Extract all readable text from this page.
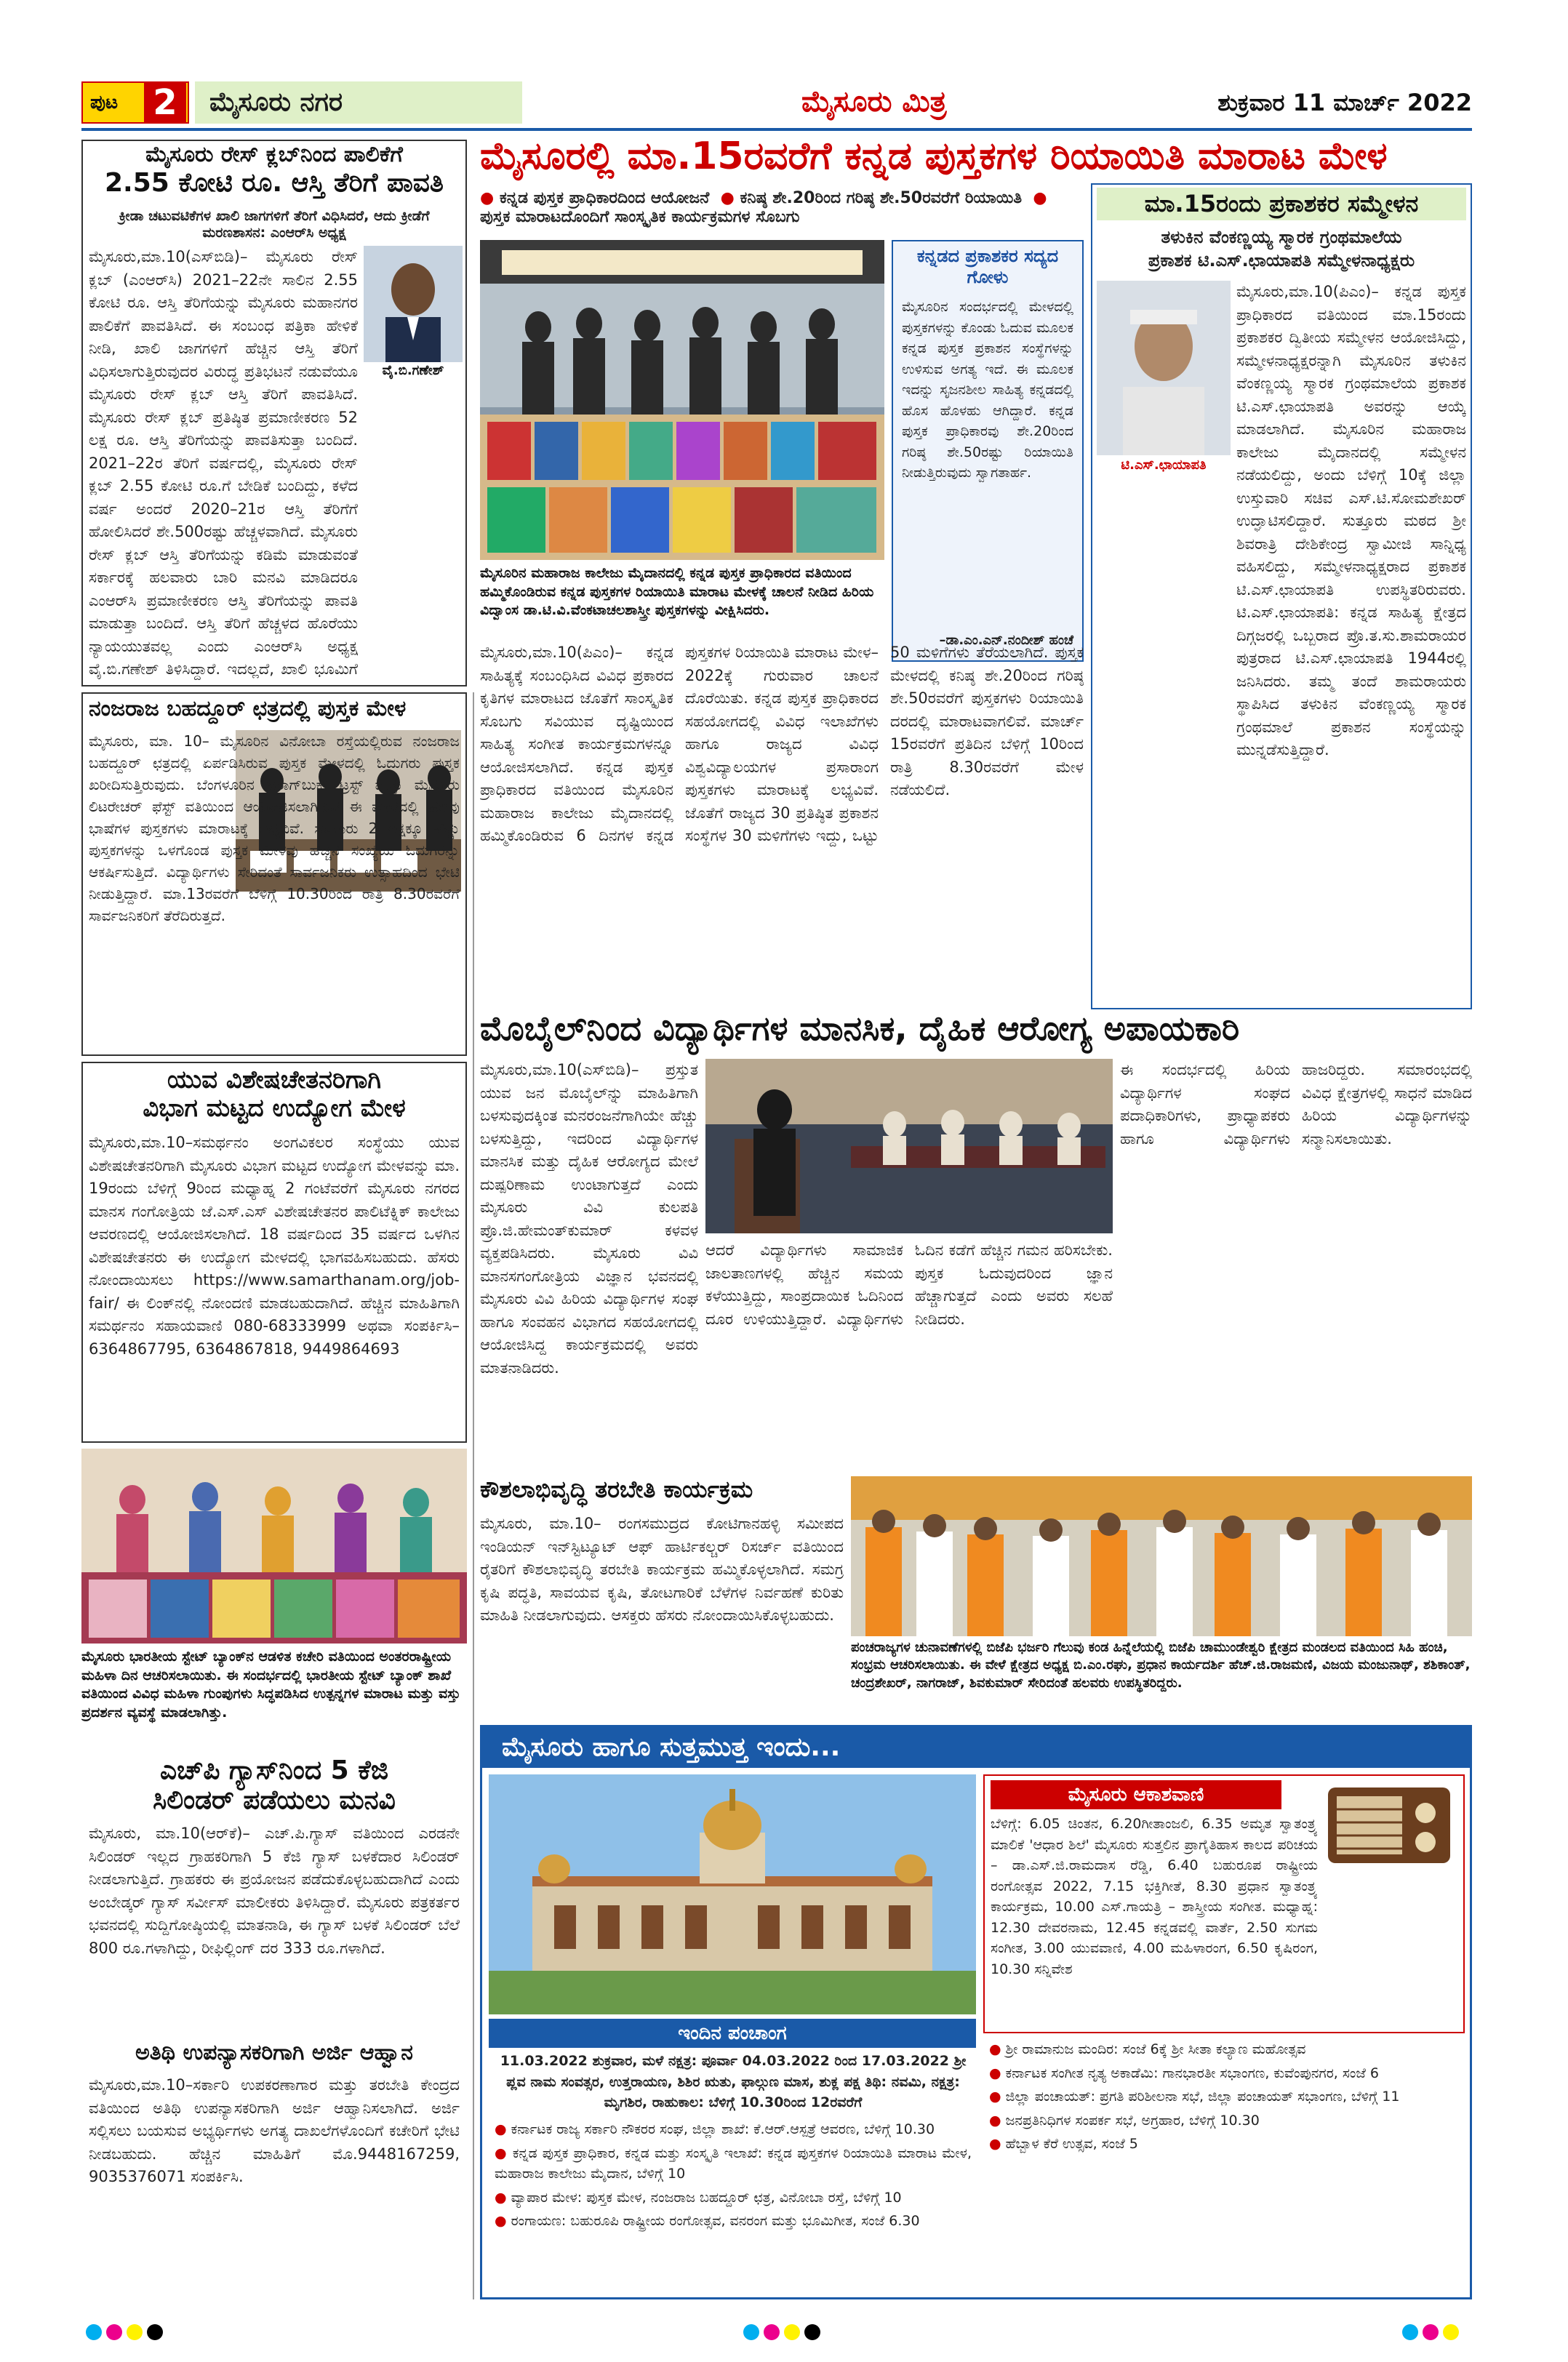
ಪುಟ 2	ಮೈಸೂರು ನಗರ	ಮೈಸೂರು ಮಿತ್ರ	ಶುಕ್ರವಾರ 11 ಮಾರ್ಚ್ 2022
ಮೈಸೂರು ರೇಸ್ ಕ್ಲಬ್‌ನಿಂದ ಪಾಲಿಕೆಗೆ
2.55 ಕೋಟಿ ರೂ. ಆಸ್ತಿ ತೆರಿಗೆ ಪಾವತಿ
ಕ್ರೀಡಾ ಚಟುವಟಿಕೆಗಳ ಖಾಲಿ ಜಾಗಗಳಿಗೆ ತೆರಿಗೆ ವಿಧಿಸಿದರೆ, ಆದು ಕ್ರೀಡೆಗೆ ಮರಣಶಾಸನ: ಎಂಆರ್‌ಸಿ ಅಧ್ಯಕ್ಷ
ವೈ.ಬಿ.ಗಣೇಶ್
ಮೈಸೂರು,ಮಾ.10(ಎಸ್‌ಬಿಡಿ)– ಮೈಸೂರು ರೇಸ್ ಕ್ಲಬ್ (ಎಂಆರ್‌ಸಿ) 2021–22ನೇ ಸಾಲಿನ 2.55 ಕೋಟಿ ರೂ. ಆಸ್ತಿ ತೆರಿಗೆಯನ್ನು ಮೈಸೂರು ಮಹಾನಗರ ಪಾಲಿಕೆಗೆ ಪಾವತಿಸಿದೆ. ಈ ಸಂಬಂಧ ಪತ್ರಿಕಾ ಹೇಳಿಕೆ ನೀಡಿ, ಖಾಲಿ ಜಾಗಗಳಿಗೆ ಹೆಚ್ಚಿನ ಆಸ್ತಿ ತೆರಿಗೆ ವಿಧಿಸಲಾಗುತ್ತಿರುವುದರ ವಿರುದ್ಧ ಪ್ರತಿಭಟನೆ ನಡುವೆಯೂ ಮೈಸೂರು ರೇಸ್ ಕ್ಲಬ್ ಆಸ್ತಿ ತೆರಿಗೆ ಪಾವತಿಸಿದೆ. ಮೈಸೂರು ರೇಸ್ ಕ್ಲಬ್ ಪ್ರತಿಷ್ಠಿತ ಪ್ರಮಾಣೀಕರಣ 52 ಲಕ್ಷ ರೂ. ಆಸ್ತಿ ತೆರಿಗೆಯನ್ನು ಪಾವತಿಸುತ್ತಾ ಬಂದಿದೆ. 2021–22ರ ತೆರಿಗೆ ವರ್ಷದಲ್ಲಿ, ಮೈಸೂರು ರೇಸ್ ಕ್ಲಬ್ 2.55 ಕೋಟಿ ರೂ.ಗೆ ಬೇಡಿಕೆ ಬಂದಿದ್ದು, ಕಳೆದ ವರ್ಷ ಅಂದರೆ 2020–21ರ ಆಸ್ತಿ ತೆರಿಗೆಗೆ ಹೋಲಿಸಿದರೆ ಶೇ.500ರಷ್ಟು ಹೆಚ್ಚಳವಾಗಿದೆ. ಮೈಸೂರು ರೇಸ್ ಕ್ಲಬ್ ಆಸ್ತಿ ತೆರಿಗೆಯನ್ನು ಕಡಿಮೆ ಮಾಡುವಂತೆ ಸರ್ಕಾರಕ್ಕೆ ಹಲವಾರು ಬಾರಿ ಮನವಿ ಮಾಡಿದರೂ ಎಂಆರ್‌ಸಿ ಪ್ರಮಾಣೀಕರಣ ಆಸ್ತಿ ತೆರಿಗೆಯನ್ನು ಪಾವತಿ ಮಾಡುತ್ತಾ ಬಂದಿದೆ. ಆಸ್ತಿ ತೆರಿಗೆ ಹೆಚ್ಚಳದ ಹೊರೆಯು ನ್ಯಾಯಯುತವಲ್ಲ ಎಂದು ಎಂಆರ್‌ಸಿ ಅಧ್ಯಕ್ಷ ವೈ.ಬಿ.ಗಣೇಶ್ ತಿಳಿಸಿದ್ದಾರೆ. ಇದಲ್ಲದೆ, ಖಾಲಿ ಭೂಮಿಗೆ
ಮೈಸೂರಲ್ಲಿ ಮಾ.15ರವರೆಗೆ ಕನ್ನಡ ಪುಸ್ತಕಗಳ ರಿಯಾಯಿತಿ ಮಾರಾಟ ಮೇಳ
● ಕನ್ನಡ ಪುಸ್ತಕ ಪ್ರಾಧಿಕಾರದಿಂದ ಆಯೋಜನೆ  ● ಕನಿಷ್ಠ ಶೇ.20ರಿಂದ ಗರಿಷ್ಠ ಶೇ.50ರವರೆಗೆ ರಿಯಾಯಿತಿ  ● ಪುಸ್ತಕ ಮಾರಾಟದೊಂದಿಗೆ ಸಾಂಸ್ಕೃತಿಕ ಕಾರ್ಯಕ್ರಮಗಳ ಸೊಬಗು
ಮೈಸೂರಿನ ಮಹಾರಾಜ ಕಾಲೇಜು ಮೈದಾನದಲ್ಲಿ ಕನ್ನಡ ಪುಸ್ತಕ ಪ್ರಾಧಿಕಾರದ ವತಿಯಿಂದ ಹಮ್ಮಿಕೊಂಡಿರುವ ಕನ್ನಡ ಪುಸ್ತಕಗಳ ರಿಯಾಯಿತಿ ಮಾರಾಟ ಮೇಳಕ್ಕೆ ಚಾಲನೆ ನೀಡಿದ ಹಿರಿಯ ವಿದ್ವಾಂಸ ಡಾ.ಟಿ.ವಿ.ವೆಂಕಟಾಚಲಶಾಸ್ತ್ರೀ ಪುಸ್ತಕಗಳನ್ನು ವೀಕ್ಷಿಸಿದರು.
ಕನ್ನಡದ ಪ್ರಕಾಶಕರ ಸದ್ಯದ ಗೋಳು
ಮೈಸೂರಿನ ಸಂದರ್ಭದಲ್ಲಿ ಮೇಳದಲ್ಲಿ ಪುಸ್ತಕಗಳನ್ನು ಕೊಂಡು ಓದುವ ಮೂಲಕ ಕನ್ನಡ ಪುಸ್ತಕ ಪ್ರಕಾಶನ ಸಂಸ್ಥೆಗಳನ್ನು ಉಳಿಸುವ ಅಗತ್ಯ ಇದೆ. ಈ ಮೂಲಕ ಇದನ್ನು ಸೃಜನಶೀಲ ಸಾಹಿತ್ಯ ಕನ್ನಡದಲ್ಲಿ ಹೊಸ ಹೊಳಹು ಆಗಿದ್ದಾರೆ. ಕನ್ನಡ ಪುಸ್ತಕ ಪ್ರಾಧಿಕಾರವು ಶೇ.20ರಿಂದ ಗರಿಷ್ಠ ಶೇ.50ರಷ್ಟು ರಿಯಾಯಿತಿ ನೀಡುತ್ತಿರುವುದು ಸ್ವಾಗತಾರ್ಹ.
–ಡಾ.ಎಂ.ಎನ್.ನಂದೀಶ್ ಹಂಚೆ
ಮೈಸೂರು,ಮಾ.10(ಪಿಎಂ)– ಕನ್ನಡ ಸಾಹಿತ್ಯಕ್ಕೆ ಸಂಬಂಧಿಸಿದ ವಿವಿಧ ಪ್ರಕಾರದ ಕೃತಿಗಳ ಮಾರಾಟದ ಜೊತೆಗೆ ಸಾಂಸ್ಕೃತಿಕ ಸೊಬಗು ಸವಿಯುವ ದೃಷ್ಟಿಯಿಂದ ಸಾಹಿತ್ಯ ಸಂಗೀತ ಕಾರ್ಯಕ್ರಮಗಳನ್ನೂ ಆಯೋಜಿಸಲಾಗಿದೆ. ಕನ್ನಡ ಪುಸ್ತಕ ಪ್ರಾಧಿಕಾರದ ವತಿಯಿಂದ ಮೈಸೂರಿನ ಮಹಾರಾಜ ಕಾಲೇಜು ಮೈದಾನದಲ್ಲಿ ಹಮ್ಮಿಕೊಂಡಿರುವ 6 ದಿನಗಳ ಕನ್ನಡ ಪುಸ್ತಕಗಳ ರಿಯಾಯಿತಿ ಮಾರಾಟ ಮೇಳ–2022ಕ್ಕೆ ಗುರುವಾರ ಚಾಲನೆ ದೊರೆಯಿತು. ಕನ್ನಡ ಪುಸ್ತಕ ಪ್ರಾಧಿಕಾರದ ಸಹಯೋಗದಲ್ಲಿ ವಿವಿಧ ಇಲಾಖೆಗಳು ಹಾಗೂ ರಾಜ್ಯದ ವಿವಿಧ ವಿಶ್ವವಿದ್ಯಾಲಯಗಳ ಪ್ರಸಾರಾಂಗ ಪುಸ್ತಕಗಳು ಮಾರಾಟಕ್ಕೆ ಲಭ್ಯವಿವೆ. ಜೊತೆಗೆ ರಾಜ್ಯದ 30 ಪ್ರತಿಷ್ಠಿತ ಪ್ರಕಾಶನ ಸಂಸ್ಥೆಗಳ 30 ಮಳಿಗೆಗಳು ಇದ್ದು, ಒಟ್ಟು 50 ಮಳಿಗೆಗಳು ತೆರೆಯಲಾಗಿದೆ. ಪುಸ್ತಕ ಮೇಳದಲ್ಲಿ ಕನಿಷ್ಠ ಶೇ.20ರಿಂದ ಗರಿಷ್ಠ ಶೇ.50ರವರೆಗೆ ಪುಸ್ತಕಗಳು ರಿಯಾಯಿತಿ ದರದಲ್ಲಿ ಮಾರಾಟವಾಗಲಿವೆ. ಮಾರ್ಚ್ 15ರವರೆಗೆ ಪ್ರತಿದಿನ ಬೆಳಿಗ್ಗೆ 10ರಿಂದ ರಾತ್ರಿ 8.30ರವರೆಗೆ ಮೇಳ ನಡೆಯಲಿದೆ.
ಮಾ.15ರಂದು ಪ್ರಕಾಶಕರ ಸಮ್ಮೇಳನ
ತಳುಕಿನ ವೆಂಕಣ್ಣಯ್ಯ ಸ್ಮಾರಕ ಗ್ರಂಥಮಾಲೆಯ
ಪ್ರಕಾಶಕ ಟಿ.ಎಸ್.ಛಾಯಾಪತಿ ಸಮ್ಮೇಳನಾಧ್ಯಕ್ಷರು
ಟಿ.ಎಸ್.ಛಾಯಾಪತಿ
ಮೈಸೂರು,ಮಾ.10(ಪಿಎಂ)– ಕನ್ನಡ ಪುಸ್ತಕ ಪ್ರಾಧಿಕಾರದ ವತಿಯಿಂದ ಮಾ.15ರಂದು ಪ್ರಕಾಶಕರ ದ್ವಿತೀಯ ಸಮ್ಮೇಳನ ಆಯೋಜಿಸಿದ್ದು, ಸಮ್ಮೇಳನಾಧ್ಯಕ್ಷರನ್ನಾಗಿ ಮೈಸೂರಿನ ತಳುಕಿನ ವೆಂಕಣ್ಣಯ್ಯ ಸ್ಮಾರಕ ಗ್ರಂಥಮಾಲೆಯ ಪ್ರಕಾಶಕ ಟಿ.ಎಸ್.ಛಾಯಾಪತಿ ಅವರನ್ನು ಆಯ್ಕೆ ಮಾಡಲಾಗಿದೆ. ಮೈಸೂರಿನ ಮಹಾರಾಜ ಕಾಲೇಜು ಮೈದಾನದಲ್ಲಿ ಸಮ್ಮೇಳನ ನಡೆಯಲಿದ್ದು, ಅಂದು ಬೆಳಿಗ್ಗೆ 10ಕ್ಕೆ ಜಿಲ್ಲಾ ಉಸ್ತುವಾರಿ ಸಚಿವ ಎಸ್.ಟಿ.ಸೋಮಶೇಖರ್ ಉದ್ಘಾಟಿಸಲಿದ್ದಾರೆ. ಸುತ್ತೂರು ಮಠದ ಶ್ರೀ ಶಿವರಾತ್ರಿ ದೇಶಿಕೇಂದ್ರ ಸ್ವಾಮೀಜಿ ಸಾನ್ನಿಧ್ಯ ವಹಿಸಲಿದ್ದು, ಸಮ್ಮೇಳನಾಧ್ಯಕ್ಷರಾದ ಪ್ರಕಾಶಕ ಟಿ.ಎಸ್.ಛಾಯಾಪತಿ ಉಪಸ್ಥಿತರಿರುವರು. ಟಿ.ಎಸ್.ಛಾಯಾಪತಿ: ಕನ್ನಡ ಸಾಹಿತ್ಯ ಕ್ಷೇತ್ರದ ದಿಗ್ಗಜರಲ್ಲಿ ಒಬ್ಬರಾದ ಪ್ರೊ.ತ.ಸು.ಶಾಮರಾಯರ ಪುತ್ರರಾದ ಟಿ.ಎಸ್.ಛಾಯಾಪತಿ 1944ರಲ್ಲಿ ಜನಿಸಿದರು. ತಮ್ಮ ತಂದೆ ಶಾಮರಾಯರು ಸ್ಥಾಪಿಸಿದ ತಳುಕಿನ ವೆಂಕಣ್ಣಯ್ಯ ಸ್ಮಾರಕ ಗ್ರಂಥಮಾಲೆ ಪ್ರಕಾಶನ ಸಂಸ್ಥೆಯನ್ನು ಮುನ್ನಡೆಸುತ್ತಿದ್ದಾರೆ.
ನಂಜರಾಜ ಬಹದ್ದೂರ್ ಛತ್ರದಲ್ಲಿ ಪುಸ್ತಕ ಮೇಳ
ಮೈಸೂರು, ಮಾ. 10– ಮೈಸೂರಿನ ವಿನೋಬಾ ರಸ್ತೆಯಲ್ಲಿರುವ ನಂಜರಾಜ ಬಹದ್ದೂರ್ ಛತ್ರದಲ್ಲಿ ಏರ್ಪಡಿಸಿರುವ ಪುಸ್ತಕ ಮೇಳದಲ್ಲಿ ಓದುಗರು ಪುಸ್ತಕ ಖರೀದಿಸುತ್ತಿರುವುದು. ಬೆಂಗಳೂರಿನ ಚಿರಾಗ್‌ಬುಕ್ ಟ್ರಸ್ಟ್ ಮತ್ತು ಮೈಸೂರು ಲಿಟರೇಚರ್ ಫೆಸ್ಟ್ ವತಿಯಿಂದ ಆಯೋಜಿಸಲಾಗಿರುವ ಈ ಮೇಳದಲ್ಲಿ ಹಲವು ಭಾಷೆಗಳ ಪುಸ್ತಕಗಳು ಮಾರಾಟಕ್ಕೆ ಲಭ್ಯವಿವೆ. ಸುಮಾರು 2 ಲಕ್ಷಕ್ಕೂ ಹೆಚ್ಚು ಪುಸ್ತಕಗಳನ್ನು ಒಳಗೊಂಡ ಪುಸ್ತಕ ಮೇಳವು ಹೆಚ್ಚಿನ ಸಂಖ್ಯೆಯ ಓದುಗರನ್ನು ಆಕರ್ಷಿಸುತ್ತಿದೆ. ವಿದ್ಯಾರ್ಥಿಗಳು ಸೇರಿದಂತೆ ಸಾರ್ವಜನಿಕರು ಉತ್ಸಾಹದಿಂದ ಭೇಟಿ ನೀಡುತ್ತಿದ್ದಾರೆ. ಮಾ.13ರವರೆಗೆ ಬೆಳಿಗ್ಗೆ 10.30ರಿಂದ ರಾತ್ರಿ 8.30ರವರೆಗೆ ಸಾರ್ವಜನಿಕರಿಗೆ ತೆರೆದಿರುತ್ತದೆ.
ಯುವ ವಿಶೇಷಚೇತನರಿಗಾಗಿ
ವಿಭಾಗ ಮಟ್ಟದ ಉದ್ಯೋಗ ಮೇಳ
ಮೈಸೂರು,ಮಾ.10–ಸಮರ್ಥನಂ ಅಂಗವಿಕಲರ ಸಂಸ್ಥೆಯು ಯುವ ವಿಶೇಷಚೇತನರಿಗಾಗಿ ಮೈಸೂರು ವಿಭಾಗ ಮಟ್ಟದ ಉದ್ಯೋಗ ಮೇಳವನ್ನು ಮಾ. 19ರಂದು ಬೆಳಿಗ್ಗೆ 9ರಿಂದ ಮಧ್ಯಾಹ್ನ 2 ಗಂಟೆವರೆಗೆ ಮೈಸೂರು ನಗರದ ಮಾನಸ ಗಂಗೋತ್ರಿಯ ಜೆ.ಎಸ್.ಎಸ್ ವಿಶೇಷಚೇತನರ ಪಾಲಿಟೆಕ್ನಿಕ್ ಕಾಲೇಜು ಆವರಣದಲ್ಲಿ ಆಯೋಜಿಸಲಾಗಿದೆ. 18 ವರ್ಷದಿಂದ 35 ವರ್ಷದ ಒಳಗಿನ ವಿಶೇಷಚೇತನರು ಈ ಉದ್ಯೋಗ ಮೇಳದಲ್ಲಿ ಭಾಗವಹಿಸಬಹುದು. ಹೆಸರು ನೋಂದಾಯಿಸಲು https://www.samarthanam.org/job-fair/ ಈ ಲಿಂಕ್‌ನಲ್ಲಿ ನೋಂದಣಿ ಮಾಡಬಹುದಾಗಿದೆ. ಹೆಚ್ಚಿನ ಮಾಹಿತಿಗಾಗಿ ಸಮರ್ಥನಂ ಸಹಾಯವಾಣಿ 080-68333999 ಅಥವಾ ಸಂಪರ್ಕಿಸಿ– 6364867795, 6364867818, 9449864693
ಮೈಸೂರು ಭಾರತೀಯ ಸ್ಟೇಟ್ ಬ್ಯಾಂಕ್‌ನ ಆಡಳಿತ ಕಚೇರಿ ವತಿಯಿಂದ ಅಂತರರಾಷ್ಟ್ರೀಯ ಮಹಿಳಾ ದಿನ ಆಚರಿಸಲಾಯಿತು. ಈ ಸಂದರ್ಭದಲ್ಲಿ ಭಾರತೀಯ ಸ್ಟೇಟ್ ಬ್ಯಾಂಕ್ ಶಾಖೆ ವತಿಯಿಂದ ವಿವಿಧ ಮಹಿಳಾ ಗುಂಪುಗಳು ಸಿದ್ಧಪಡಿಸಿದ ಉತ್ಪನ್ನಗಳ ಮಾರಾಟ ಮತ್ತು ವಸ್ತು ಪ್ರದರ್ಶನ ವ್ಯವಸ್ಥೆ ಮಾಡಲಾಗಿತ್ತು.
ಎಚ್‌ಪಿ ಗ್ಯಾಸ್‌ನಿಂದ 5 ಕೆಜಿ
ಸಿಲಿಂಡರ್ ಪಡೆಯಲು ಮನವಿ
ಮೈಸೂರು, ಮಾ.10(ಆರ್‌ಕೆ)– ಎಚ್.ಪಿ.ಗ್ಯಾಸ್ ವತಿಯಿಂದ ಎರಡನೇ ಸಿಲಿಂಡರ್ ಇಲ್ಲದ ಗ್ರಾಹಕರಿಗಾಗಿ 5 ಕೆಜಿ ಗ್ಯಾಸ್ ಬಳಕೆದಾರ ಸಿಲಿಂಡರ್ ನೀಡಲಾಗುತ್ತಿದೆ. ಗ್ರಾಹಕರು ಈ ಪ್ರಯೋಜನ ಪಡೆದುಕೊಳ್ಳಬಹುದಾಗಿದೆ ಎಂದು ಅಂಬೇಡ್ಕರ್ ಗ್ಯಾಸ್ ಸರ್ವೀಸ್ ಮಾಲೀಕರು ತಿಳಿಸಿದ್ದಾರೆ. ಮೈಸೂರು ಪತ್ರಕರ್ತರ ಭವನದಲ್ಲಿ ಸುದ್ದಿಗೋಷ್ಠಿಯಲ್ಲಿ ಮಾತನಾಡಿ, ಈ ಗ್ಯಾಸ್ ಬಳಕೆ ಸಿಲಿಂಡರ್ ಬೆಲೆ 800 ರೂ.ಗಳಾಗಿದ್ದು, ರೀಫಿಲ್ಲಿಂಗ್ ದರ 333 ರೂ.ಗಳಾಗಿದೆ.
ಅತಿಥಿ ಉಪನ್ಯಾಸಕರಿಗಾಗಿ ಅರ್ಜಿ ಆಹ್ವಾನ
ಮೈಸೂರು,ಮಾ.10–ಸರ್ಕಾರಿ ಉಪಕರಣಾಗಾರ ಮತ್ತು ತರಬೇತಿ ಕೇಂದ್ರದ ವತಿಯಿಂದ ಅತಿಥಿ ಉಪನ್ಯಾಸಕರಿಗಾಗಿ ಅರ್ಜಿ ಆಹ್ವಾನಿಸಲಾಗಿದೆ. ಅರ್ಜಿ ಸಲ್ಲಿಸಲು ಬಯಸುವ ಅಭ್ಯರ್ಥಿಗಳು ಅಗತ್ಯ ದಾಖಲೆಗಳೊಂದಿಗೆ ಕಚೇರಿಗೆ ಭೇಟಿ ನೀಡಬಹುದು. ಹೆಚ್ಚಿನ ಮಾಹಿತಿಗೆ ಮೊ.9448167259, 9035376071 ಸಂಪರ್ಕಿಸಿ.
ಮೊಬೈಲ್‌ನಿಂದ ವಿದ್ಯಾರ್ಥಿಗಳ ಮಾನಸಿಕ, ದೈಹಿಕ ಆರೋಗ್ಯ ಅಪಾಯಕಾರಿ
ಮೈಸೂರು,ಮಾ.10(ಎಸ್‌ಬಿಡಿ)– ಪ್ರಸ್ತುತ ಯುವ ಜನ ಮೊಬೈಲ್‌ನ್ನು ಮಾಹಿತಿಗಾಗಿ ಬಳಸುವುದಕ್ಕಿಂತ ಮನರಂಜನೆಗಾಗಿಯೇ ಹೆಚ್ಚು ಬಳಸುತ್ತಿದ್ದು, ಇದರಿಂದ ವಿದ್ಯಾರ್ಥಿಗಳ ಮಾನಸಿಕ ಮತ್ತು ದೈಹಿಕ ಆರೋಗ್ಯದ ಮೇಲೆ ದುಷ್ಪರಿಣಾಮ ಉಂಟಾಗುತ್ತದೆ ಎಂದು ಮೈಸೂರು ವಿವಿ ಕುಲಪತಿ ಪ್ರೊ.ಜಿ.ಹೇಮಂತ್‌ಕುಮಾರ್ ಕಳವಳ ವ್ಯಕ್ತಪಡಿಸಿದರು. ಮೈಸೂರು ವಿವಿ ಮಾನಸಗಂಗೋತ್ರಿಯ ವಿಜ್ಞಾನ ಭವನದಲ್ಲಿ ಮೈಸೂರು ವಿವಿ ಹಿರಿಯ ವಿದ್ಯಾರ್ಥಿಗಳ ಸಂಘ ಹಾಗೂ ಸಂವಹನ ವಿಭಾಗದ ಸಹಯೋಗದಲ್ಲಿ ಆಯೋಜಿಸಿದ್ದ ಕಾರ್ಯಕ್ರಮದಲ್ಲಿ ಅವರು ಮಾತನಾಡಿದರು.
ಆದರೆ ವಿದ್ಯಾರ್ಥಿಗಳು ಸಾಮಾಜಿಕ ಜಾಲತಾಣಗಳಲ್ಲಿ ಹೆಚ್ಚಿನ ಸಮಯ ಕಳೆಯುತ್ತಿದ್ದು, ಸಾಂಪ್ರದಾಯಿಕ ಓದಿನಿಂದ ದೂರ ಉಳಿಯುತ್ತಿದ್ದಾರೆ. ವಿದ್ಯಾರ್ಥಿಗಳು ಓದಿನ ಕಡೆಗೆ ಹೆಚ್ಚಿನ ಗಮನ ಹರಿಸಬೇಕು. ಪುಸ್ತಕ ಓದುವುದರಿಂದ ಜ್ಞಾನ ಹೆಚ್ಚಾಗುತ್ತದೆ ಎಂದು ಅವರು ಸಲಹೆ ನೀಡಿದರು.
ಈ ಸಂದರ್ಭದಲ್ಲಿ ಹಿರಿಯ ವಿದ್ಯಾರ್ಥಿಗಳ ಸಂಘದ ಪದಾಧಿಕಾರಿಗಳು, ಪ್ರಾಧ್ಯಾಪಕರು ಹಾಗೂ ವಿದ್ಯಾರ್ಥಿಗಳು ಹಾಜರಿದ್ದರು. ಸಮಾರಂಭದಲ್ಲಿ ವಿವಿಧ ಕ್ಷೇತ್ರಗಳಲ್ಲಿ ಸಾಧನೆ ಮಾಡಿದ ಹಿರಿಯ ವಿದ್ಯಾರ್ಥಿಗಳನ್ನು ಸನ್ಮಾನಿಸಲಾಯಿತು.
ಕೌಶಲಾಭಿವೃದ್ಧಿ ತರಬೇತಿ ಕಾರ್ಯಕ್ರಮ
ಮೈಸೂರು, ಮಾ.10– ರಂಗಸಮುದ್ರದ ಕೋಟಿಗಾನಹಳ್ಳಿ ಸಮೀಪದ ಇಂಡಿಯನ್ ಇನ್‌ಸ್ಟಿಟ್ಯೂಟ್ ಆಫ್ ಹಾರ್ಟಿಕಲ್ಚರ್ ರಿಸರ್ಚ್ ವತಿಯಿಂದ ರೈತರಿಗೆ ಕೌಶಲಾಭಿವೃದ್ಧಿ ತರಬೇತಿ ಕಾರ್ಯಕ್ರಮ ಹಮ್ಮಿಕೊಳ್ಳಲಾಗಿದೆ. ಸಮಗ್ರ ಕೃಷಿ ಪದ್ಧತಿ, ಸಾವಯವ ಕೃಷಿ, ತೋಟಗಾರಿಕೆ ಬೆಳೆಗಳ ನಿರ್ವಹಣೆ ಕುರಿತು ಮಾಹಿತಿ ನೀಡಲಾಗುವುದು. ಆಸಕ್ತರು ಹೆಸರು ನೋಂದಾಯಿಸಿಕೊಳ್ಳಬಹುದು.
ಪಂಚರಾಜ್ಯಗಳ ಚುನಾವಣೆಗಳಲ್ಲಿ ಬಿಜೆಪಿ ಭರ್ಜರಿ ಗೆಲುವು ಕಂಡ ಹಿನ್ನೆಲೆಯಲ್ಲಿ ಬಿಜೆಪಿ ಚಾಮುಂಡೇಶ್ವರಿ ಕ್ಷೇತ್ರದ ಮಂಡಲದ ವತಿಯಿಂದ ಸಿಹಿ ಹಂಚಿ, ಸಂಭ್ರಮ ಆಚರಿಸಲಾಯಿತು. ಈ ವೇಳೆ ಕ್ಷೇತ್ರದ ಅಧ್ಯಕ್ಷ ಬಿ.ಎಂ.ರಘು, ಪ್ರಧಾನ ಕಾರ್ಯದರ್ಶಿ ಹೆಚ್.ಜಿ.ರಾಜಮಣಿ, ವಿಜಯ ಮಂಜುನಾಥ್, ಶಶಿಕಾಂತ್, ಚಂದ್ರಶೇಖರ್, ನಾಗರಾಜ್, ಶಿವಕುಮಾರ್ ಸೇರಿದಂತೆ ಹಲವರು ಉಪಸ್ಥಿತರಿದ್ದರು.
ಮೈಸೂರು ಹಾಗೂ ಸುತ್ತಮುತ್ತ ಇಂದು...
ಮೈಸೂರು ಆಕಾಶವಾಣಿ
ಬೆಳಿಗ್ಗೆ: 6.05 ಚಿಂತನ, 6.20ಗೀತಾಂಜಲಿ, 6.35 ಅಮೃತ ಸ್ವಾತಂತ್ರ್ಯ ಮಾಲಿಕೆ 'ಆಧಾರ ಶಿಲೆ' ಮೈಸೂರು ಸುತ್ತಲಿನ ಪ್ರಾಗೈತಿಹಾಸ ಕಾಲದ ಪರಿಚಯ – ಡಾ.ಎಸ್.ಜಿ.ರಾಮದಾಸ ರೆಡ್ಡಿ, 6.40 ಬಹುರೂಪ ರಾಷ್ಟ್ರೀಯ ರಂಗೋತ್ಸವ 2022, 7.15 ಭಕ್ತಿಗೀತೆ, 8.30 ಪ್ರಧಾನ ಸ್ವಾತಂತ್ರ್ಯ ಕಾರ್ಯಕ್ರಮ, 10.00 ಎಸ್.ಗಾಯತ್ರಿ – ಶಾಸ್ತ್ರೀಯ ಸಂಗೀತ. ಮಧ್ಯಾಹ್ನ: 12.30 ದೇವರನಾಮ, 12.45 ಕನ್ನಡವಲ್ಲಿ ವಾರ್ತೆ, 2.50 ಸುಗಮ ಸಂಗೀತ, 3.00 ಯುವವಾಣಿ, 4.00 ಮಹಿಳಾರಂಗ, 6.50 ಕೃಷಿರಂಗ, 10.30 ಸನ್ನಿವೇಶ
ಇಂದಿನ ಪಂಚಾಂಗ
11.03.2022 ಶುಕ್ರವಾರ, ಮಳೆ ನಕ್ಷತ್ರ: ಪೂರ್ವಾ 04.03.2022 ರಿಂದ 17.03.2022 ಶ್ರೀ ಪ್ಲವ ನಾಮ ಸಂವತ್ಸರ, ಉತ್ತರಾಯಣ, ಶಿಶಿರ ಋತು, ಫಾಲ್ಗುಣ ಮಾಸ, ಶುಕ್ಲ ಪಕ್ಷ ತಿಥಿ: ನವಮಿ, ನಕ್ಷತ್ರ: ಮೃಗಶಿರ, ರಾಹುಕಾಲ: ಬೆಳಿಗ್ಗೆ 10.30ರಿಂದ 12ರವರೆಗೆ

● ಕರ್ನಾಟಕ ರಾಜ್ಯ ಸರ್ಕಾರಿ ನೌಕರರ ಸಂಘ, ಜಿಲ್ಲಾ ಶಾಖೆ: ಕೆ.ಆರ್.ಆಸ್ಪತ್ರೆ ಆವರಣ, ಬೆಳಿಗ್ಗೆ 10.30

● ಕನ್ನಡ ಪುಸ್ತಕ ಪ್ರಾಧಿಕಾರ, ಕನ್ನಡ ಮತ್ತು ಸಂಸ್ಕೃತಿ ಇಲಾಖೆ: ಕನ್ನಡ ಪುಸ್ತಕಗಳ ರಿಯಾಯಿತಿ ಮಾರಾಟ ಮೇಳ, ಮಹಾರಾಜ ಕಾಲೇಜು ಮೈದಾನ, ಬೆಳಿಗ್ಗೆ 10

● ವ್ಯಾಪಾರ ಮೇಳ: ಪುಸ್ತಕ ಮೇಳ, ನಂಜರಾಜ ಬಹದ್ದೂರ್ ಛತ್ರ, ವಿನೋಬಾ ರಸ್ತೆ, ಬೆಳಿಗ್ಗೆ 10

● ರಂಗಾಯಣ: ಬಹುರೂಪಿ ರಾಷ್ಟ್ರೀಯ ರಂಗೋತ್ಸವ, ವನರಂಗ ಮತ್ತು ಭೂಮಿಗೀತ, ಸಂಜೆ 6.30

● ಶ್ರೀ ರಾಮಾನುಜ ಮಂದಿರ: ಸಂಜೆ 6ಕ್ಕೆ ಶ್ರೀ ಸೀತಾ ಕಲ್ಯಾಣ ಮಹೋತ್ಸವ

● ಕರ್ನಾಟಕ ಸಂಗೀತ ನೃತ್ಯ ಅಕಾಡೆಮಿ: ಗಾನಭಾರತೀ ಸಭಾಂಗಣ, ಕುವೆಂಪುನಗರ, ಸಂಜೆ 6

● ಜಿಲ್ಲಾ ಪಂಚಾಯತ್: ಪ್ರಗತಿ ಪರಿಶೀಲನಾ ಸಭೆ, ಜಿಲ್ಲಾ ಪಂಚಾಯತ್ ಸಭಾಂಗಣ, ಬೆಳಿಗ್ಗೆ 11

● ಜನಪ್ರತಿನಿಧಿಗಳ ಸಂಪರ್ಕ ಸಭೆ, ಅಗ್ರಹಾರ, ಬೆಳಿಗ್ಗೆ 10.30

● ಹೆಬ್ಬಾಳ ಕೆರೆ ಉತ್ಸವ, ಸಂಜೆ 5
